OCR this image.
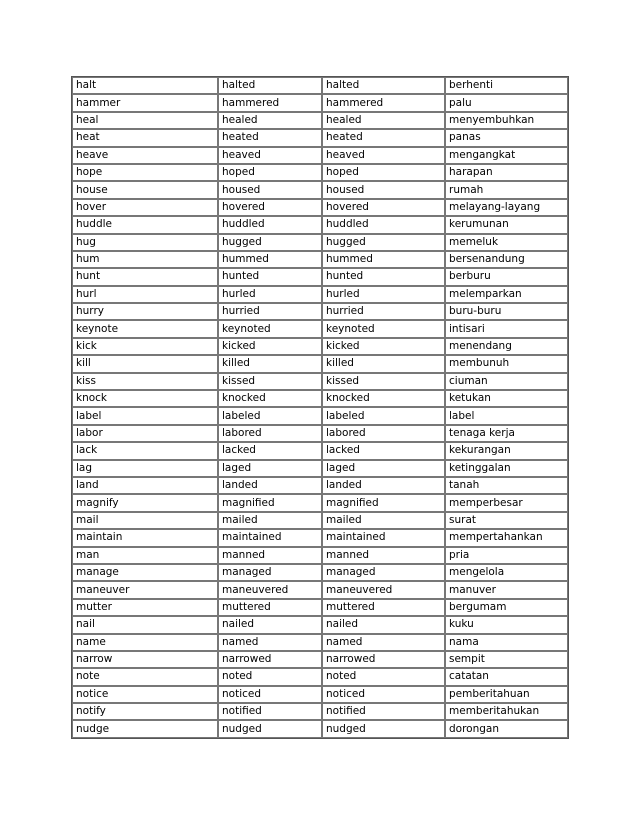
halt	halted	halted	berhenti
hammer	hammered	hammered	palu
heal	healed	healed	menyembuhkan
heat	heated	heated	panas
heave	heaved	heaved	mengangkat
hope	hoped	hoped	harapan
house	housed	housed	rumah
hover	hovered	hovered	melayang-layang
huddle	huddled	huddled	kerumunan
hug	hugged	hugged	memeluk
hum	hummed	hummed	bersenandung
hunt	hunted	hunted	berburu
hurl	hurled	hurled	melemparkan
hurry	hurried	hurried	buru-buru
keynote	keynoted	keynoted	intisari
kick	kicked	kicked	menendang
kill	killed	killed	membunuh
kiss	kissed	kissed	ciuman
knock	knocked	knocked	ketukan
label	labeled	labeled	label
labor	labored	labored	tenaga kerja
lack	lacked	lacked	kekurangan
lag	laged	laged	ketinggalan
land	landed	landed	tanah
magnify	magnified	magnified	memperbesar
mail	mailed	mailed	surat
maintain	maintained	maintained	mempertahankan
man	manned	manned	pria
manage	managed	managed	mengelola
maneuver	maneuvered	maneuvered	manuver
mutter	muttered	muttered	bergumam
nail	nailed	nailed	kuku
name	named	named	nama
narrow	narrowed	narrowed	sempit
note	noted	noted	catatan
notice	noticed	noticed	pemberitahuan
notify	notified	notified	memberitahukan
nudge	nudged	nudged	dorongan
